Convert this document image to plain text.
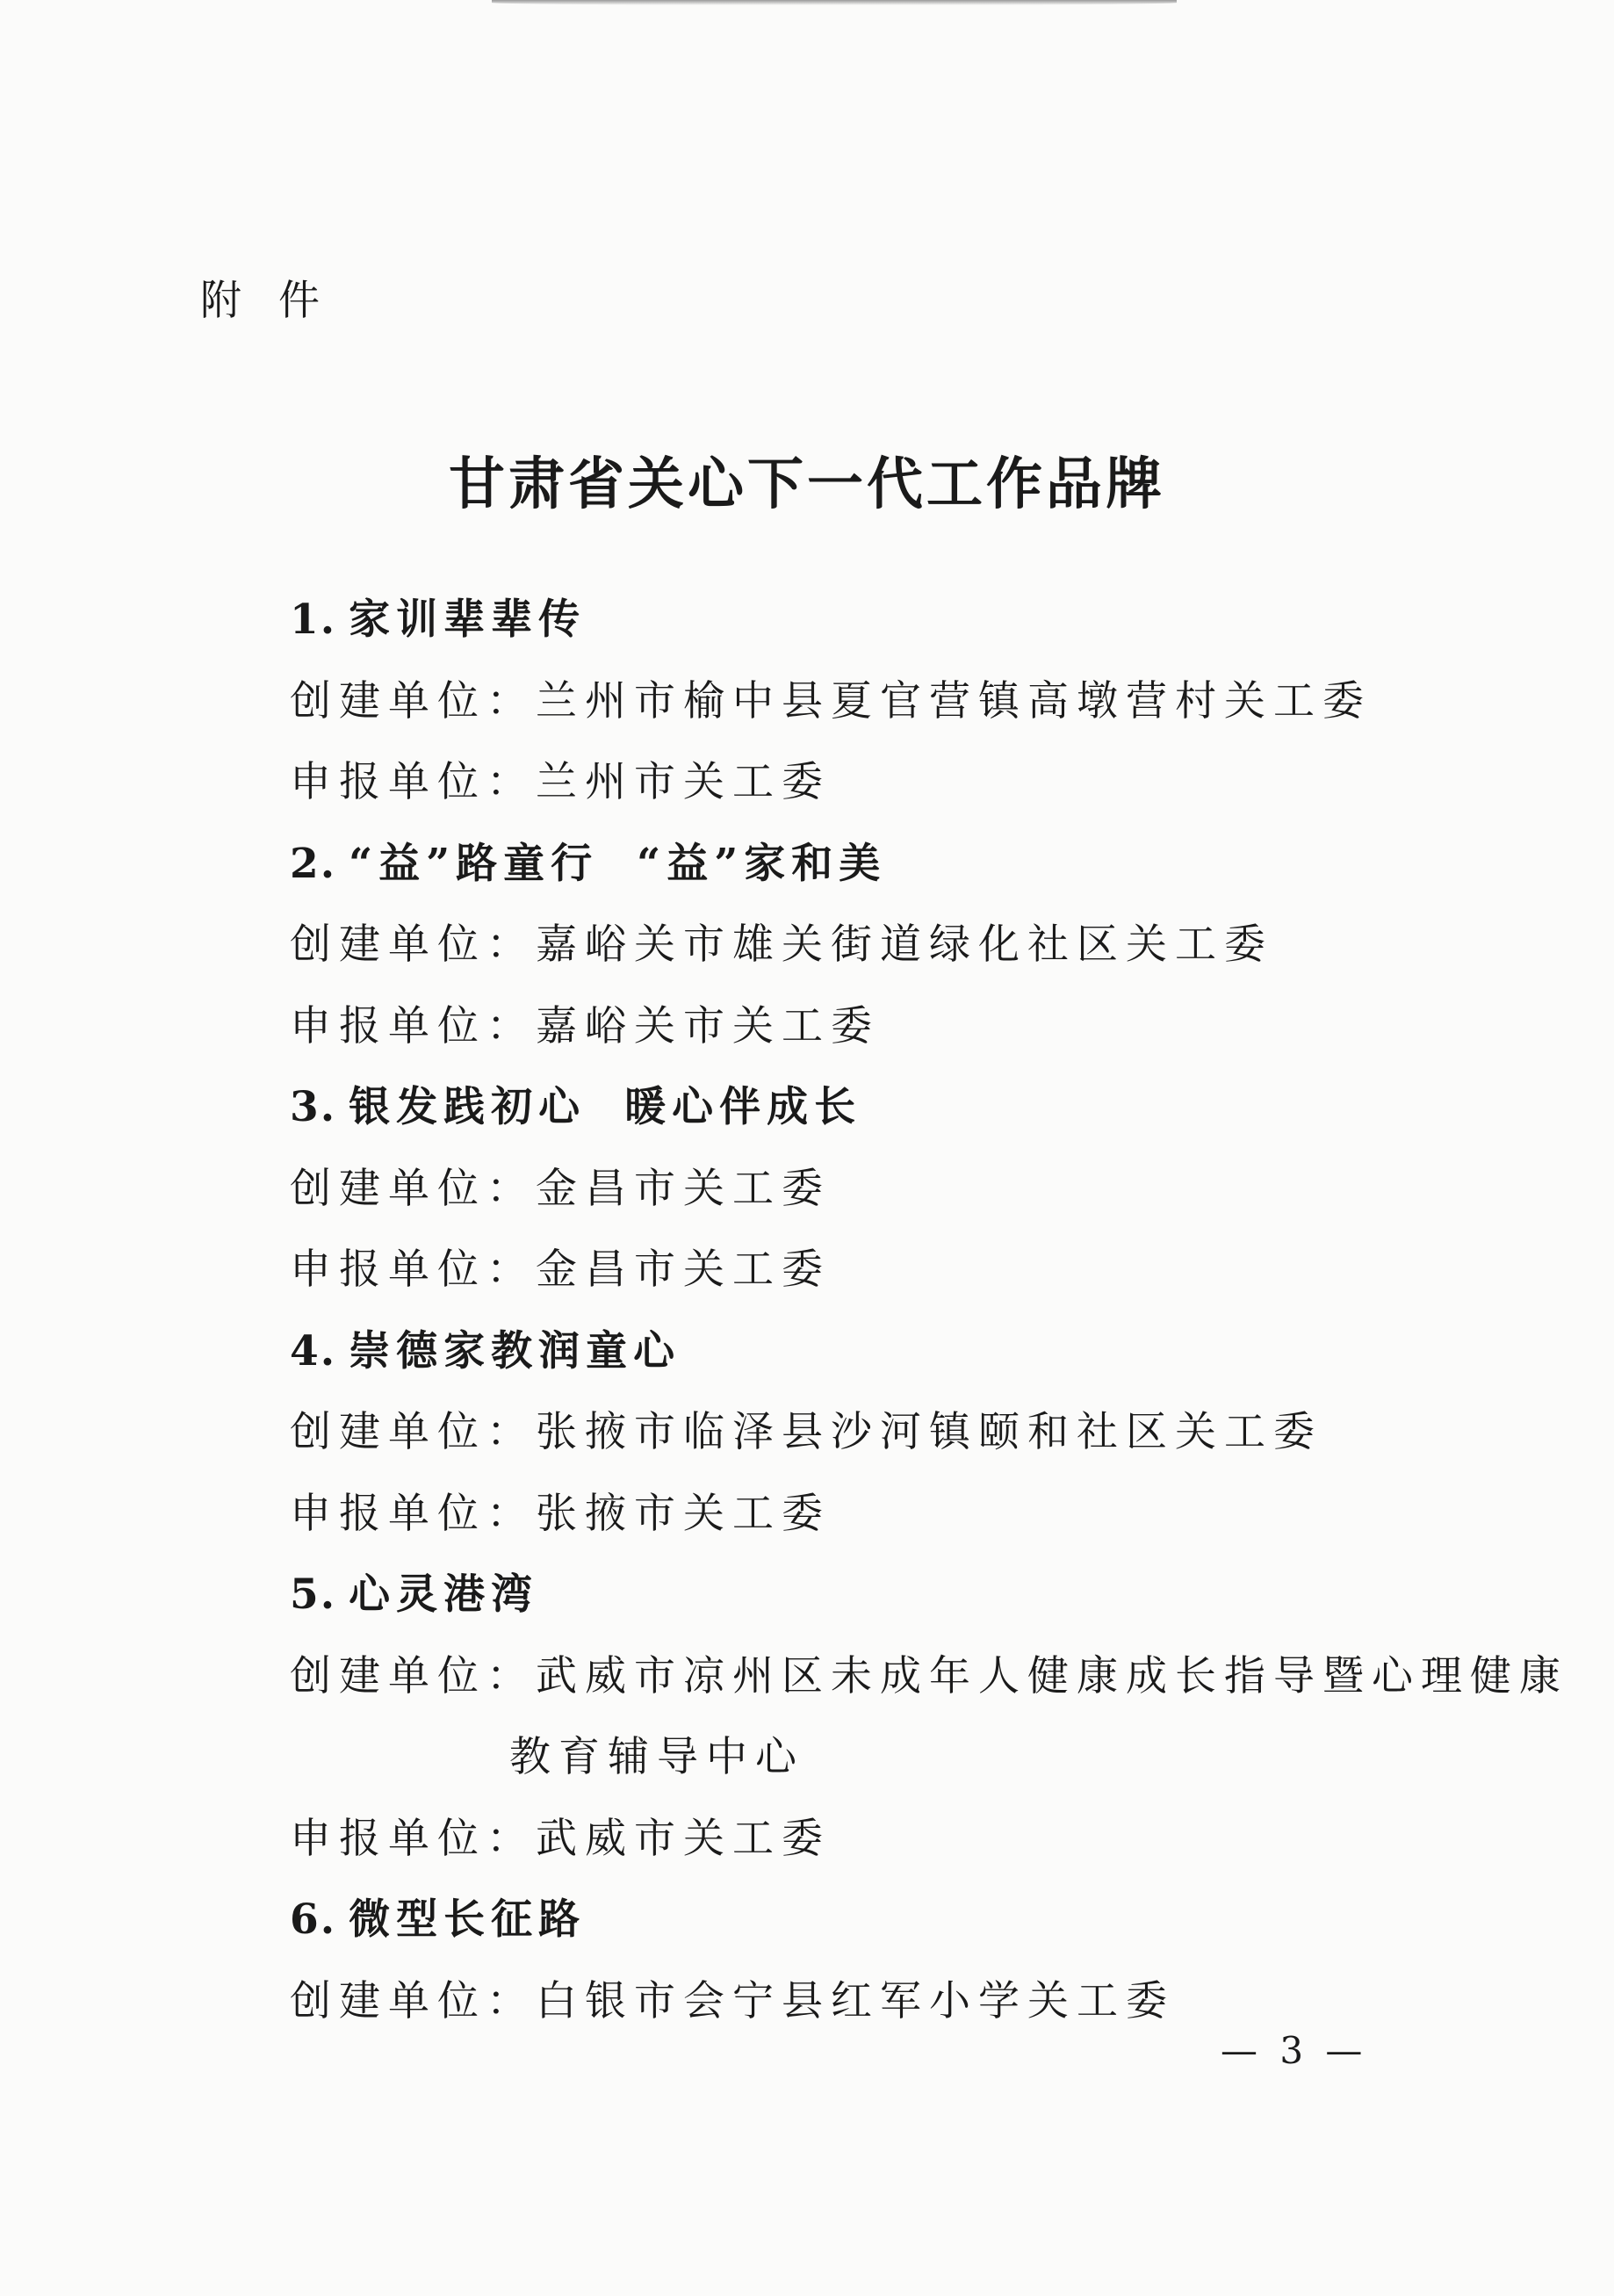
附件
甘肃省关心下一代工作品牌
1. 家训辈辈传
创建单位： 兰州市榆中县夏官营镇高墩营村关工委
申报单位： 兰州市关工委
2. “益”路童行 “益”家和美
创建单位： 嘉峪关市雄关街道绿化社区关工委
申报单位： 嘉峪关市关工委
3. 银发践初心 暖心伴成长
创建单位： 金昌市关工委
申报单位： 金昌市关工委
4. 崇德家教润童心
创建单位： 张掖市临泽县沙河镇颐和社区关工委
申报单位： 张掖市关工委
5. 心灵港湾
创建单位： 武威市凉州区未成年人健康成长指导暨心理健康
教育辅导中心
申报单位： 武威市关工委
6. 微型长征路
创建单位： 白银市会宁县红军小学关工委
— 3 —
